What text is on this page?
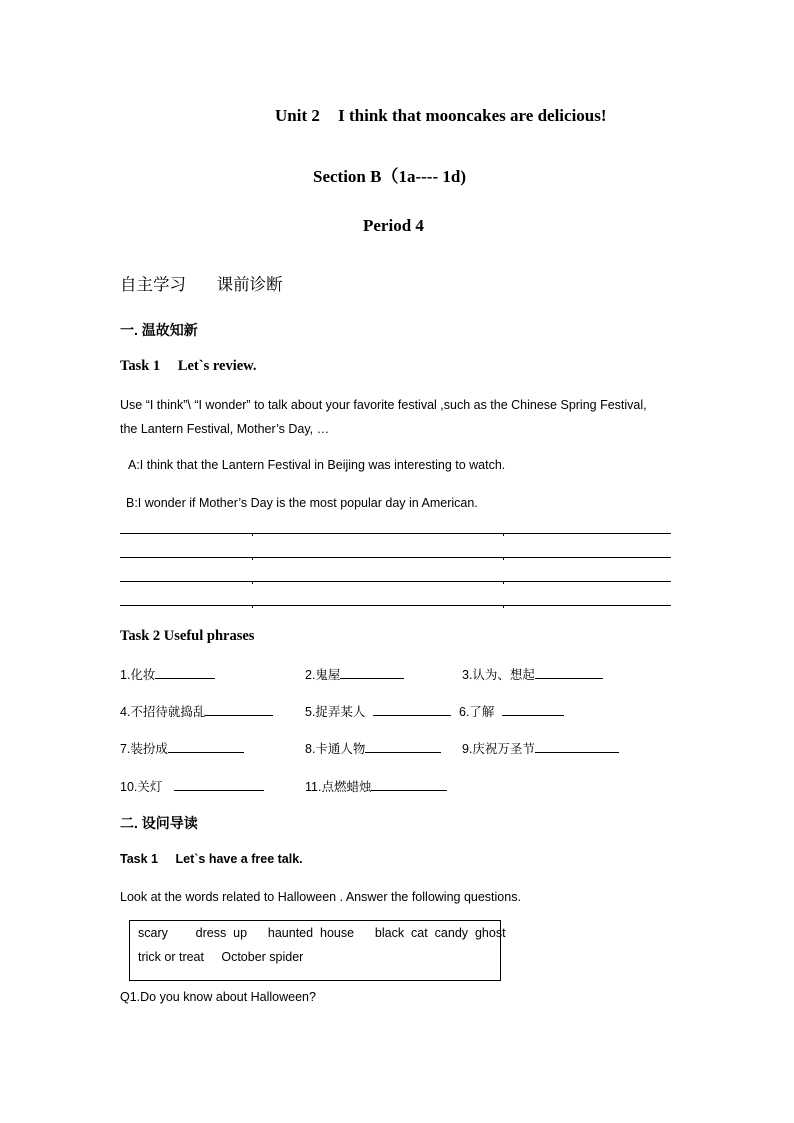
Unit 2 I think that mooncakes are delicious!
Section B（1a---- 1d)
Period 4
自主学习 课前诊断
一. 温故知新
Task 1 Let`s review.
Use “I think”\ “I wonder” to talk about your favorite festival ,such as the Chinese Spring Festival,
the Lantern Festival, Mother’s Day, …
A:I think that the Lantern Festival in Beijing was interesting to watch.
B:I wonder if Mother’s Day is the most popular day in American.
Task 2 Useful phrases
1.化妆	2.鬼屋	3.认为、想起
4.不招待就捣乱	5.捉弄某人	6.了解
7.装扮成	8.卡通人物	9.庆祝万圣节
10.关灯	11.点燃蜡烛
二. 设问导读
Task 1 Let`s have a free talk.
Look at the words related to Halloween . Answer the following questions.
scary        dress  up      haunted  house      black  cat  candy  ghost
trick or treat     October spider
Q1.Do you know about Halloween?
